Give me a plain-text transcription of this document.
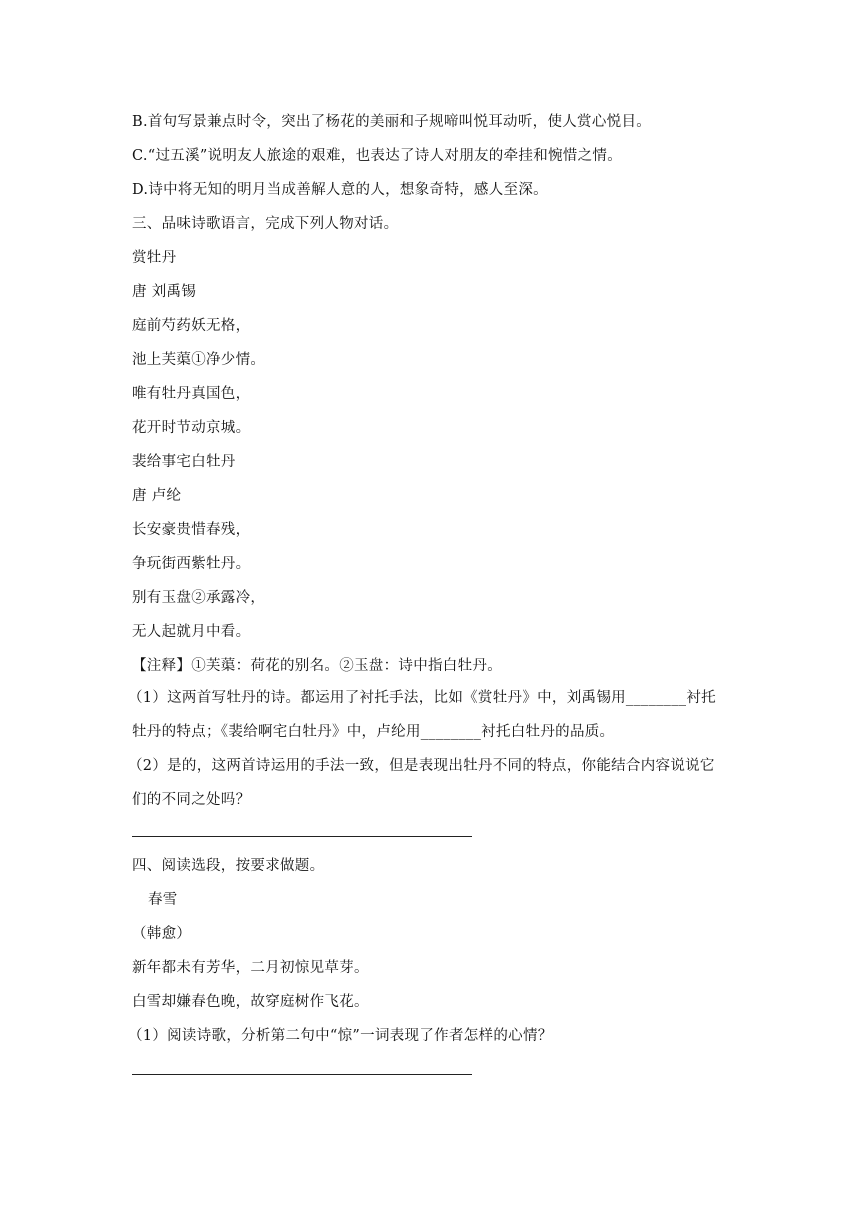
B.首句写景兼点时令，突出了杨花的美丽和子规啼叫悦耳动听，使人赏心悦目。
C.“过五溪”说明友人旅途的艰难，也表达了诗人对朋友的牵挂和惋惜之情。
D.诗中将无知的明月当成善解人意的人，想象奇特，感人至深。
三、品味诗歌语言，完成下列人物对话。
赏牡丹
唐 刘禹锡
庭前芍药妖无格，
池上芙蕖①净少情。
唯有牡丹真国色，
花开时节动京城。
裴给事宅白牡丹
唐 卢纶
长安豪贵惜春残，
争玩街西紫牡丹。
别有玉盘②承露冷，
无人起就月中看。
【注释】①芙蕖：荷花的别名。②玉盘：诗中指白牡丹。
（1）这两首写牡丹的诗。都运用了衬托手法，比如《赏牡丹》中，刘禹锡用________衬托
牡丹的特点；《裴给啊宅白牡丹》中，卢纶用________衬托白牡丹的品质。
（2）是的，这两首诗运用的手法一致，但是表现出牡丹不同的特点，你能结合内容说说它
们的不同之处吗？
四、阅读选段，按要求做题。
春雪
（韩愈）
新年都未有芳华，二月初惊见草芽。
白雪却嫌春色晚，故穿庭树作飞花。
（1）阅读诗歌，分析第二句中“惊”一词表现了作者怎样的心情？
